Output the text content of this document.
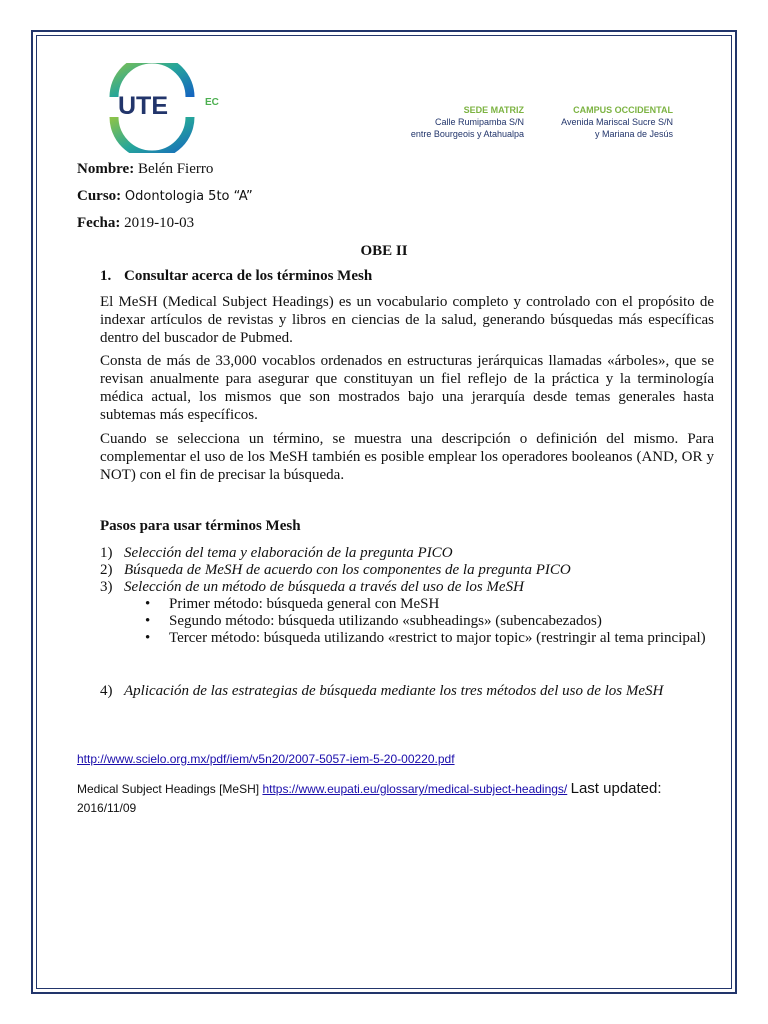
UTE	EC
SEDE MATRIZ
Calle Rumipamba S/N
entre Bourgeois y Atahualpa
CAMPUS OCCIDENTAL
Avenida Mariscal Sucre S/N
y Mariana de Jesús
Nombre: Belén Fierro
Curso: Odontologia 5to “A”
Fecha: 2019-10-03
OBE II
1. Consultar acerca de los términos Mesh
El MeSH (Medical Subject Headings) es un vocabulario completo y controlado con el propósito de indexar artículos de revistas y libros en ciencias de la salud, generando búsquedas más específicas dentro del buscador de Pubmed.
Consta de más de 33,000 vocablos ordenados en estructuras jerárquicas llamadas «árboles», que se revisan anualmente para asegurar que constituyan un fiel reflejo de la práctica y la terminología médica actual, los mismos que son mostrados bajo una jerarquía desde temas generales hasta subtemas más específicos.
Cuando se selecciona un término, se muestra una descripción o definición del mismo. Para complementar el uso de los MeSH también es posible emplear los operadores booleanos (AND, OR y NOT) con el fin de precisar la búsqueda.
Pasos para usar términos Mesh
1) Selección del tema y elaboración de la pregunta PICO
2) Búsqueda de MeSH de acuerdo con los componentes de la pregunta PICO
3) Selección de un método de búsqueda a través del uso de los MeSH
• Primer método: búsqueda general con MeSH
• Segundo método: búsqueda utilizando «subheadings» (subencabezados)
• Tercer método: búsqueda utilizando «restrict to major topic» (restringir al tema principal)
4) Aplicación de las estrategias de búsqueda mediante los tres métodos del uso de los MeSH
http://www.scielo.org.mx/pdf/iem/v5n20/2007-5057-iem-5-20-00220.pdf
Medical Subject Headings [MeSH] https://www.eupati.eu/glossary/medical-subject-headings/ Last updated: 2016/11/09
